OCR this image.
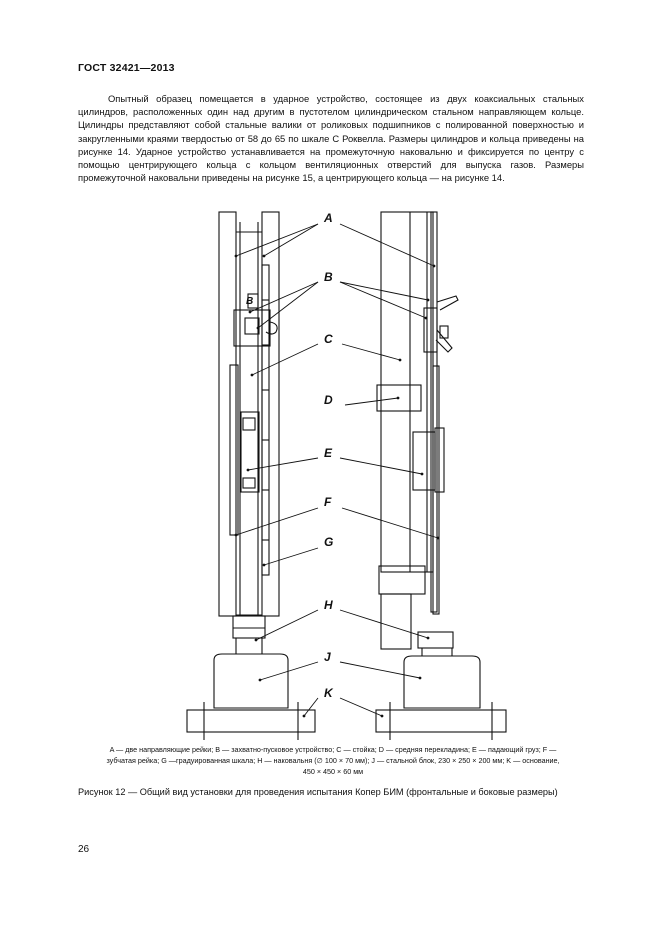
ГОСТ 32421—2013

Опытный образец помещается в ударное устройство, состоящее из двух коаксиальных стальных цилиндров, расположенных один над другим в пустотелом цилиндрическом стальном направляющем кольце. Цилиндры представляют собой стальные валики от роликовых подшипников с полированной поверхностью и закругленными краями твердостью от 58 до 65 по шкале С Роквелла. Размеры цилиндров и кольца приведены на рисунке 14. Ударное устройство устанавливается на промежуточную наковальню и фиксируется по центру с помощью центрирующего кольца с кольцом вентиляционных отверстий для выпуска газов. Размеры промежуточной наковальни приведены на рисунке 15, а центрирующего кольца — на рисунке 14.

A
B
C
D
E
F
G
H
J
K
B

A — две направляющие рейки; B — захватно-пусковое устройство; C — стойка; D — средняя перекладина; E — падающий груз; F — зубчатая рейка; G —градуированная шкала; H — наковальня (∅ 100 × 70 мм); J — стальной блок, 230 × 250 × 200 мм; K — основание, 450 × 450 × 60 мм

Рисунок 12 — Общий вид установки для проведения испытания Копер БИМ (фронтальные и боковые размеры)
26
